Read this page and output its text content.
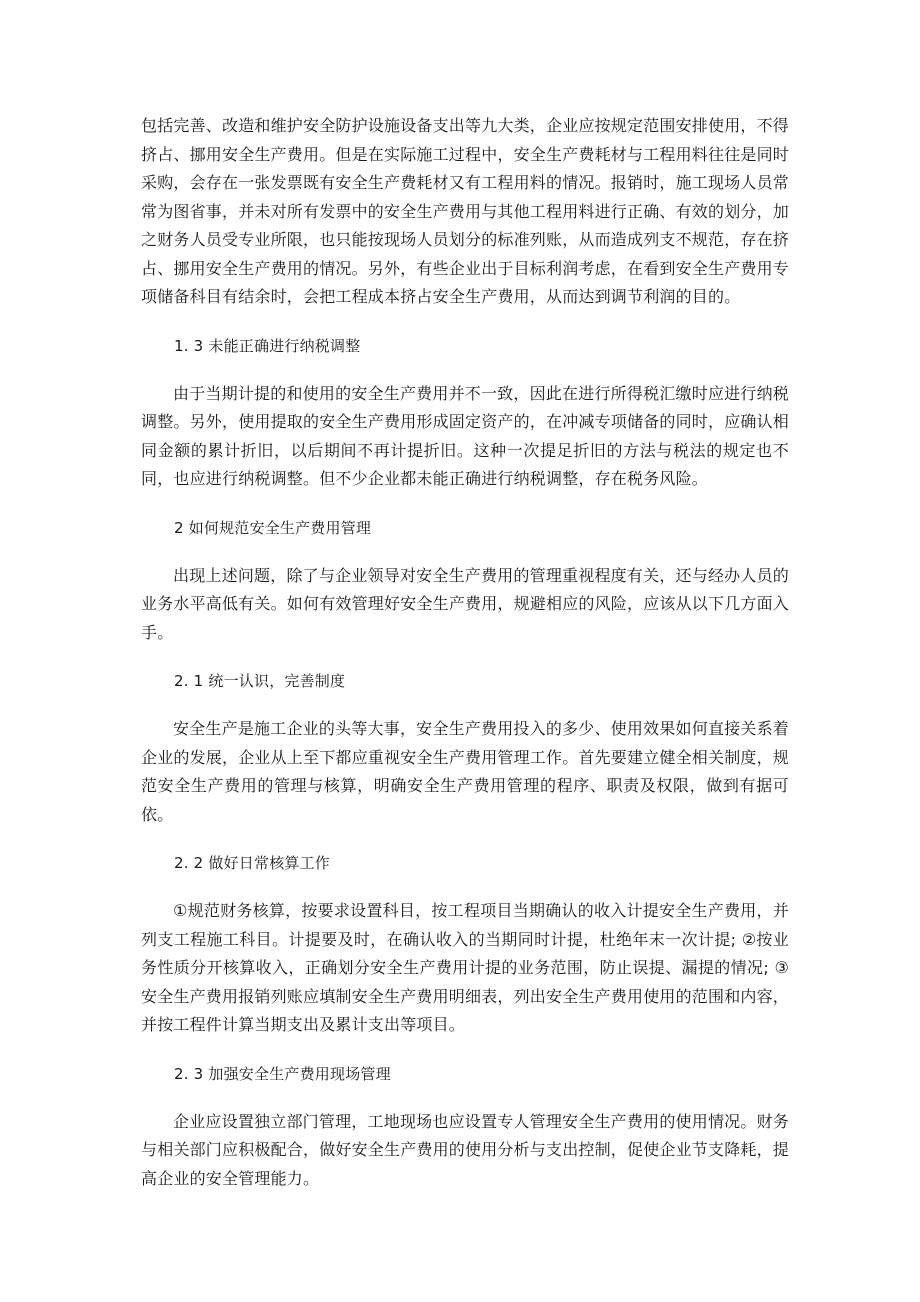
包括完善、改造和维护安全防护设施设备支出等九大类，企业应按规定范围安排使用，不得挤占、挪用安全生产费用。但是在实际施工过程中，安全生产费耗材与工程用料往往是同时采购，会存在一张发票既有安全生产费耗材又有工程用料的情况。报销时，施工现场人员常常为图省事，并未对所有发票中的安全生产费用与其他工程用料进行正确、有效的划分，加之财务人员受专业所限，也只能按现场人员划分的标准列账，从而造成列支不规范，存在挤占、挪用安全生产费用的情况。另外，有些企业出于目标利润考虑，在看到安全生产费用专项储备科目有结余时，会把工程成本挤占安全生产费用，从而达到调节利润的目的。

1. 3 未能正确进行纳税调整

由于当期计提的和使用的安全生产费用并不一致，因此在进行所得税汇缴时应进行纳税调整。另外，使用提取的安全生产费用形成固定资产的，在冲减专项储备的同时，应确认相同金额的累计折旧，以后期间不再计提折旧。这种一次提足折旧的方法与税法的规定也不同，也应进行纳税调整。但不少企业都未能正确进行纳税调整，存在税务风险。

2 如何规范安全生产费用管理

出现上述问题，除了与企业领导对安全生产费用的管理重视程度有关，还与经办人员的业务水平高低有关。如何有效管理好安全生产费用，规避相应的风险，应该从以下几方面入手。

2. 1 统一认识，完善制度

安全生产是施工企业的头等大事，安全生产费用投入的多少、使用效果如何直接关系着企业的发展，企业从上至下都应重视安全生产费用管理工作。首先要建立健全相关制度，规范安全生产费用的管理与核算，明确安全生产费用管理的程序、职责及权限，做到有据可依。

2. 2 做好日常核算工作

①规范财务核算，按要求设置科目，按工程项目当期确认的收入计提安全生产费用，并列支工程施工科目。计提要及时，在确认收入的当期同时计提，杜绝年末一次计提; ②按业务性质分开核算收入，正确划分安全生产费用计提的业务范围，防止误提、漏提的情况; ③安全生产费用报销列账应填制安全生产费用明细表，列出安全生产费用使用的范围和内容，并按工程件计算当期支出及累计支出等项目。

2. 3 加强安全生产费用现场管理

企业应设置独立部门管理，工地现场也应设置专人管理安全生产费用的使用情况。财务与相关部门应积极配合，做好安全生产费用的使用分析与支出控制，促使企业节支降耗，提高企业的安全管理能力。
